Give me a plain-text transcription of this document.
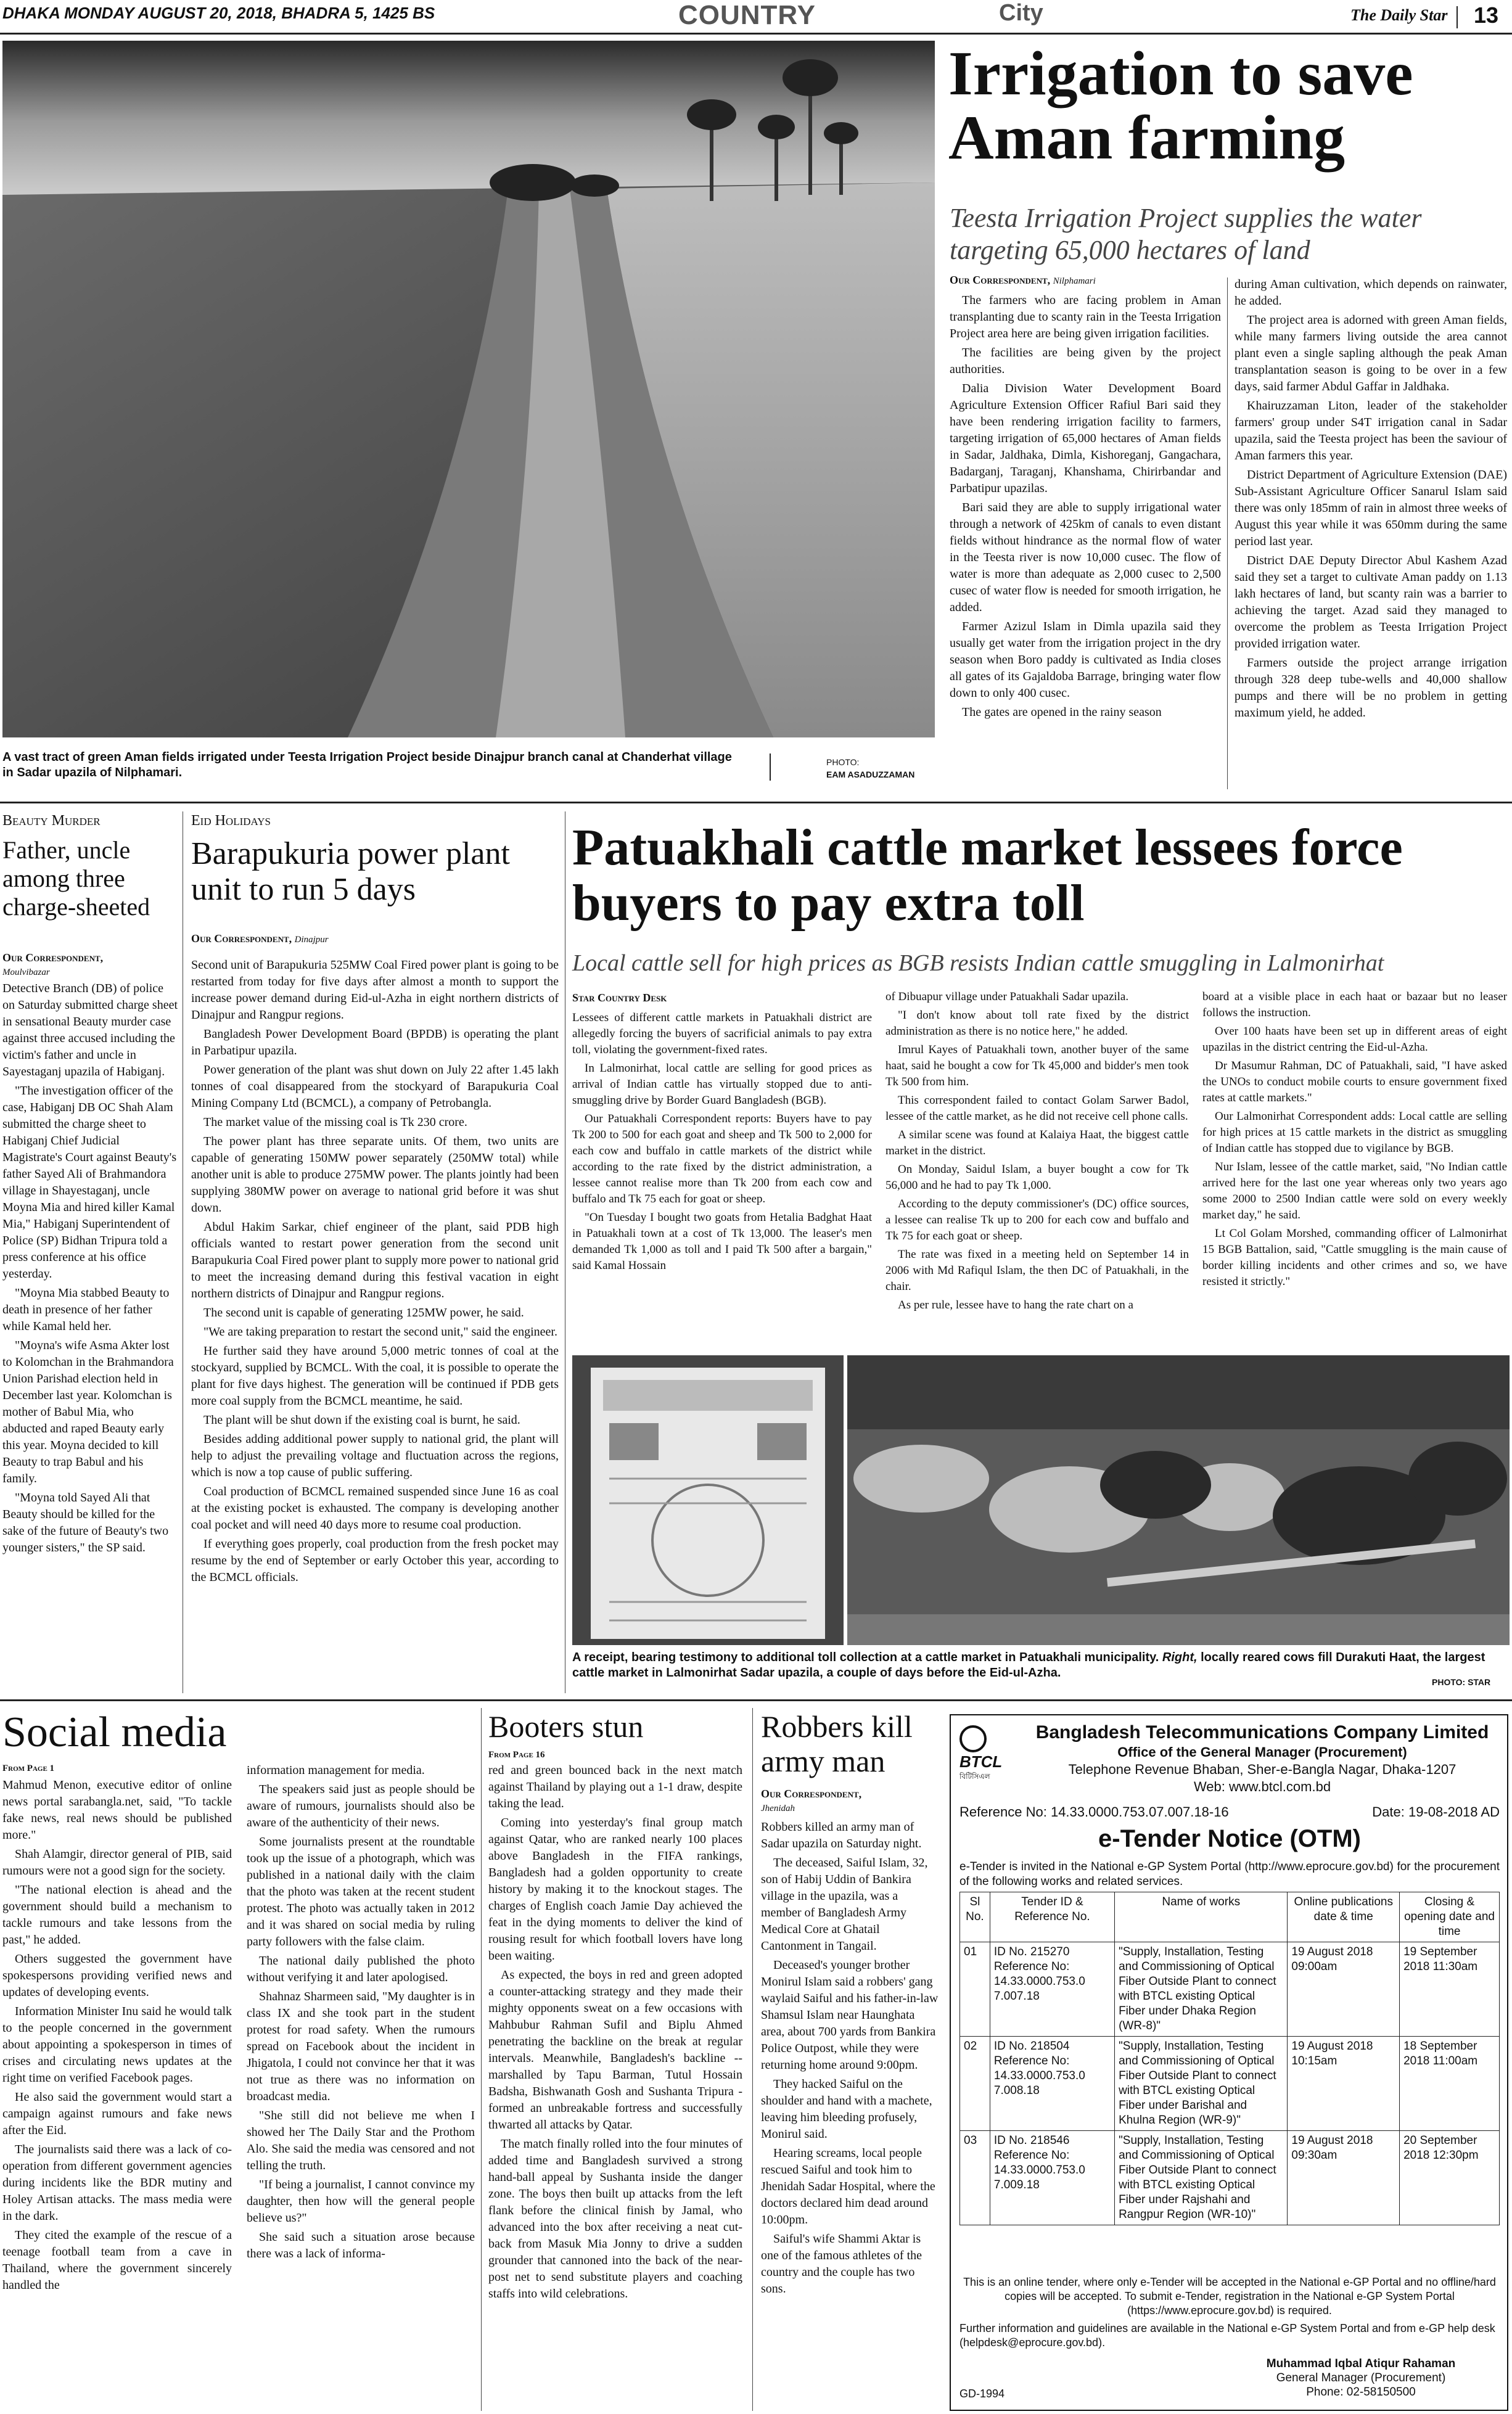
DHAKA MONDAY AUGUST 20, 2018, BHADRA 5, 1425 BS	COUNTRY	City	The Daily Star 13
A vast tract of green Aman fields irrigated under Teesta Irrigation Project beside Dinajpur branch canal at Chanderhat village in Sadar upazila of Nilphamari.
PHOTO:
EAM ASADUZZAMAN
Irrigation to save Aman farming
Teesta Irrigation Project supplies the water targeting 65,000 hectares of land
Our Correspondent, Nilphamari

The farmers who are facing problem in Aman transplanting due to scanty rain in the Teesta Irrigation Project area here are being given irrigation facilities.

The facilities are being given by the project authorities.

Dalia Division Water Development Board Agriculture Extension Officer Rafiul Bari said they have been rendering irrigation facility to farmers, targeting irrigation of 65,000 hectares of Aman fields in Sadar, Jaldhaka, Dimla, Kishoreganj, Gangachara, Badarganj, Taraganj, Khanshama, Chirirbandar and Parbatipur upazilas.

Bari said they are able to supply irrigational water through a network of 425km of canals to even distant fields without hindrance as the normal flow of water in the Teesta river is now 10,000 cusec. The flow of water is more than adequate as 2,000 cusec to 2,500 cusec of water flow is needed for smooth irrigation, he added.

Farmer Azizul Islam in Dimla upazila said they usually get water from the irrigation project in the dry season when Boro paddy is cultivated as India closes all gates of its Gajaldoba Barrage, bringing water flow down to only 400 cusec.

The gates are opened in the rainy season

during Aman cultivation, which depends on rainwater, he added.

The project area is adorned with green Aman fields, while many farmers living outside the area cannot plant even a single sapling although the peak Aman transplantation season is going to be over in a few days, said farmer Abdul Gaffar in Jaldhaka.

Khairuzzaman Liton, leader of the stakeholder farmers' group under S4T irrigation canal in Sadar upazila, said the Teesta project has been the saviour of Aman farmers this year.

District Department of Agriculture Extension (DAE) Sub-Assistant Agriculture Officer Sanarul Islam said there was only 185mm of rain in almost three weeks of August this year while it was 650mm during the same period last year.

District DAE Deputy Director Abul Kashem Azad said they set a target to cultivate Aman paddy on 1.13 lakh hectares of land, but scanty rain was a barrier to achieving the target. Azad said they managed to overcome the problem as Teesta Irrigation Project provided irrigation water.

Farmers outside the project arrange irrigation through 328 deep tube-wells and 40,000 shallow pumps and there will be no problem in getting maximum yield, he added.

Beauty Murder
Father, uncle among three charge-sheeted
Our Correspondent,
Moulvibazar

Detective Branch (DB) of police on Saturday submitted charge sheet in sensational Beauty murder case against three accused including the victim's father and uncle in Sayestaganj upazila of Habiganj.

"The investigation officer of the case, Habiganj DB OC Shah Alam submitted the charge sheet to Habiganj Chief Judicial Magistrate's Court against Beauty's father Sayed Ali of Brahmandora village in Shayestaganj, uncle Moyna Mia and hired killer Kamal Mia," Habiganj Superintendent of Police (SP) Bidhan Tripura told a press conference at his office yesterday.

"Moyna Mia stabbed Beauty to death in presence of her father while Kamal held her.

"Moyna's wife Asma Akter lost to Kolomchan in the Brahmandora Union Parishad election held in December last year. Kolomchan is mother of Babul Mia, who abducted and raped Beauty early this year. Moyna decided to kill Beauty to trap Babul and his family.

"Moyna told Sayed Ali that Beauty should be killed for the sake of the future of Beauty's two younger sisters," the SP said.

Eid Holidays
Barapukuria power plant unit to run 5 days
Our Correspondent, Dinajpur

Second unit of Barapukuria 525MW Coal Fired power plant is going to be restarted from today for five days after almost a month to support the increase power demand during Eid-ul-Azha in eight northern districts of Dinajpur and Rangpur regions.

Bangladesh Power Development Board (BPDB) is operating the plant in Parbatipur upazila.

Power generation of the plant was shut down on July 22 after 1.45 lakh tonnes of coal disappeared from the stockyard of Barapukuria Coal Mining Company Ltd (BCMCL), a company of Petrobangla.

The market value of the missing coal is Tk 230 crore.

The power plant has three separate units. Of them, two units are capable of generating 150MW power separately (250MW total) while another unit is able to produce 275MW power. The plants jointly had been supplying 380MW power on average to national grid before it was shut down.

Abdul Hakim Sarkar, chief engineer of the plant, said PDB high officials wanted to restart power generation from the second unit Barapukuria Coal Fired power plant to supply more power to national grid to meet the increasing demand during this festival vacation in eight northern districts of Dinajpur and Rangpur regions.

The second unit is capable of generating 125MW power, he said.

"We are taking preparation to restart the second unit," said the engineer.

He further said they have around 5,000 metric tonnes of coal at the stockyard, supplied by BCMCL. With the coal, it is possible to operate the plant for five days highest. The generation will be continued if PDB gets more coal supply from the BCMCL meantime, he said.

The plant will be shut down if the existing coal is burnt, he said.

Besides adding additional power supply to national grid, the plant will help to adjust the prevailing voltage and fluctuation across the regions, which is now a top cause of public suffering.

Coal production of BCMCL remained suspended since June 16 as coal at the existing pocket is exhausted. The company is developing another coal pocket and will need 40 days more to resume coal production.

If everything goes properly, coal production from the fresh pocket may resume by the end of September or early October this year, according to the BCMCL officials.

Patuakhali cattle market lessees force buyers to pay extra toll
Local cattle sell for high prices as BGB resists Indian cattle smuggling in Lalmonirhat
Star Country Desk

Lessees of different cattle markets in Patuakhali district are allegedly forcing the buyers of sacrificial animals to pay extra toll, violating the government-fixed rates.

In Lalmonirhat, local cattle are selling for good prices as arrival of Indian cattle has virtually stopped due to anti-smuggling drive by Border Guard Bangladesh (BGB).

Our Patuakhali Correspondent reports: Buyers have to pay Tk 200 to 500 for each goat and sheep and Tk 500 to 2,000 for each cow and buffalo in cattle markets of the district while according to the rate fixed by the district administration, a lessee cannot realise more than Tk 200 from each cow and buffalo and Tk 75 each for goat or sheep.

"On Tuesday I bought two goats from Hetalia Badghat Haat in Patuakhali town at a cost of Tk 13,000. The leaser's men demanded Tk 1,000 as toll and I paid Tk 500 after a bargain," said Kamal Hossain

of Dibuapur village under Patuakhali Sadar upazila.

"I don't know about toll rate fixed by the district administration as there is no notice here," he added.

Imrul Kayes of Patuakhali town, another buyer of the same haat, said he bought a cow for Tk 45,000 and bidder's men took Tk 500 from him.

This correspondent failed to contact Golam Sarwer Badol, lessee of the cattle market, as he did not receive cell phone calls.

A similar scene was found at Kalaiya Haat, the biggest cattle market in the district.

On Monday, Saidul Islam, a buyer bought a cow for Tk 56,000 and he had to pay Tk 1,000.

According to the deputy commissioner's (DC) office sources, a lessee can realise Tk up to 200 for each cow and buffalo and Tk 75 for each goat or sheep.

The rate was fixed in a meeting held on September 14 in 2006 with Md Rafiqul Islam, the then DC of Patuakhali, in the chair.

As per rule, lessee have to hang the rate chart on a

board at a visible place in each haat or bazaar but no leaser follows the instruction.

Over 100 haats have been set up in different areas of eight upazilas in the district centring the Eid-ul-Azha.

Dr Masumur Rahman, DC of Patuakhali, said, "I have asked the UNOs to conduct mobile courts to ensure government fixed rates at cattle markets."

Our Lalmonirhat Correspondent adds: Local cattle are selling for high prices at 15 cattle markets in the district as smuggling of Indian cattle has stopped due to vigilance by BGB.

Nur Islam, lessee of the cattle market, said, "No Indian cattle arrived here for the last one year whereas only two years ago some 2000 to 2500 Indian cattle were sold on every weekly market day," he said.

Lt Col Golam Morshed, commanding officer of Lalmonirhat 15 BGB Battalion, said, "Cattle smuggling is the main cause of border killing incidents and other crimes and so, we have resisted it strictly."

A receipt, bearing testimony to additional toll collection at a cattle market in Patuakhali municipality. Right, locally reared cows fill Durakuti Haat, the largest cattle market in Lalmonirhat Sadar upazila, a couple of days before the Eid-ul-Azha.
PHOTO: STAR
Social media
From Page 1

Mahmud Menon, executive editor of online news portal sarabangla.net, said, "To tackle fake news, real news should be published more."

Shah Alamgir, director general of PIB, said rumours were not a good sign for the society.

"The national election is ahead and the government should build a mechanism to tackle rumours and take lessons from the past," he added.

Others suggested the government have spokespersons providing verified news and updates of developing events.

Information Minister Inu said he would talk to the people concerned in the government about appointing a spokesperson in times of crises and circulating news updates at the right time on verified Facebook pages.

He also said the government would start a campaign against rumours and fake news after the Eid.

The journalists said there was a lack of co-operation from different government agencies during incidents like the BDR mutiny and Holey Artisan attacks. The mass media were in the dark.

They cited the example of the rescue of a teenage football team from a cave in Thailand, where the government sincerely handled the

information management for media.

The speakers said just as people should be aware of rumours, journalists should also be aware of the authenticity of their news.

Some journalists present at the roundtable took up the issue of a photograph, which was published in a national daily with the claim that the photo was taken at the recent student protest. The photo was actually taken in 2012 and it was shared on social media by ruling party followers with the false claim.

The national daily published the photo without verifying it and later apologised.

Shahnaz Sharmeen said, "My daughter is in class IX and she took part in the student protest for road safety. When the rumours spread on Facebook about the incident in Jhigatola, I could not convince her that it was not true as there was no information on broadcast media.

"She still did not believe me when I showed her The Daily Star and the Prothom Alo. She said the media was censored and not telling the truth.

"If being a journalist, I cannot convince my daughter, then how will the general people believe us?"

She said such a situation arose because there was a lack of informa-

Booters stun
From Page 16

red and green bounced back in the next match against Thailand by playing out a 1-1 draw, despite taking the lead.

Coming into yesterday's final group match against Qatar, who are ranked nearly 100 places above Bangladesh in the FIFA rankings, Bangladesh had a golden opportunity to create history by making it to the knockout stages. The charges of English coach Jamie Day achieved the feat in the dying moments to deliver the kind of rousing result for which football lovers have long been waiting.

As expected, the boys in red and green adopted a counter-attacking strategy and they made their mighty opponents sweat on a few occasions with Mahbubur Rahman Sufil and Biplu Ahmed penetrating the backline on the break at regular intervals. Meanwhile, Bangladesh's backline -- marshalled by Tapu Barman, Tutul Hossain Badsha, Bishwanath Gosh and Sushanta Tripura - formed an unbreakable fortress and successfully thwarted all attacks by Qatar.

The match finally rolled into the four minutes of added time and Bangladesh survived a strong hand-ball appeal by Sushanta inside the danger zone. The boys then built up attacks from the left flank before the clinical finish by Jamal, who advanced into the box after receiving a neat cut-back from Masuk Mia Jonny to drive a sudden grounder that cannoned into the back of the near-post net to send substitute players and coaching staffs into wild celebrations.

Robbers kill army man
Our Correspondent,
Jhenidah

Robbers killed an army man of Sadar upazila on Saturday night.

The deceased, Saiful Islam, 32, son of Habij Uddin of Bankira village in the upazila, was a member of Bangladesh Army Medical Core at Ghatail Cantonment in Tangail.

Deceased's younger brother Monirul Islam said a robbers' gang waylaid Saiful and his father-in-law Shamsul Islam near Haunghata area, about 700 yards from Bankira Police Outpost, while they were returning home around 9:00pm.

They hacked Saiful on the shoulder and hand with a machete, leaving him bleeding profusely, Monirul said.

Hearing screams, local people rescued Saiful and took him to Jhenidah Sadar Hospital, where the doctors declared him dead around 10:00pm.

Saiful's wife Shammi Aktar is one of the famous athletes of the country and the couple has two sons.

BTCL
বিটিসিএল
Bangladesh Telecommunications Company Limited
Office of the General Manager (Procurement)
Telephone Revenue Bhaban, Sher-e-Bangla Nagar, Dhaka-1207
Web: www.btcl.com.bd
Reference No: 14.33.0000.753.07.007.18-16	Date: 19-08-2018 AD
e-Tender Notice (OTM)
e-Tender is invited in the National e-GP System Portal (http://www.eprocure.gov.bd) for the procurement of the following works and related services.
Sl No.	Tender ID & Reference No.	Name of works	Online publications date & time	Closing & opening date and time
01	ID No. 215270 Reference No: 14.33.0000.753.0 7.007.18	"Supply, Installation, Testing and Commissioning of Optical Fiber Outside Plant to connect with BTCL existing Optical Fiber under Dhaka Region (WR-8)"	19 August 2018 09:00am	19 September 2018 11:30am
02	ID No. 218504 Reference No: 14.33.0000.753.0 7.008.18	"Supply, Installation, Testing and Commissioning of Optical Fiber Outside Plant to connect with BTCL existing Optical Fiber under Barishal and Khulna Region (WR-9)"	19 August 2018 10:15am	18 September 2018 11:00am
03	ID No. 218546 Reference No: 14.33.0000.753.0 7.009.18	"Supply, Installation, Testing and Commissioning of Optical Fiber Outside Plant to connect with BTCL existing Optical Fiber under Rajshahi and Rangpur Region (WR-10)"	19 August 2018 09:30am	20 September 2018 12:30pm
This is an online tender, where only e-Tender will be accepted in the National e-GP Portal and no offline/hard copies will be accepted. To submit e-Tender, registration in the National e-GP System Portal (https://www.eprocure.gov.bd) is required.
Further information and guidelines are available in the National e-GP System Portal and from e-GP help desk (helpdesk@eprocure.gov.bd).
Muhammad Iqbal Atiqur Rahaman
General Manager (Procurement)
Phone: 02-58150500
GD-1994
